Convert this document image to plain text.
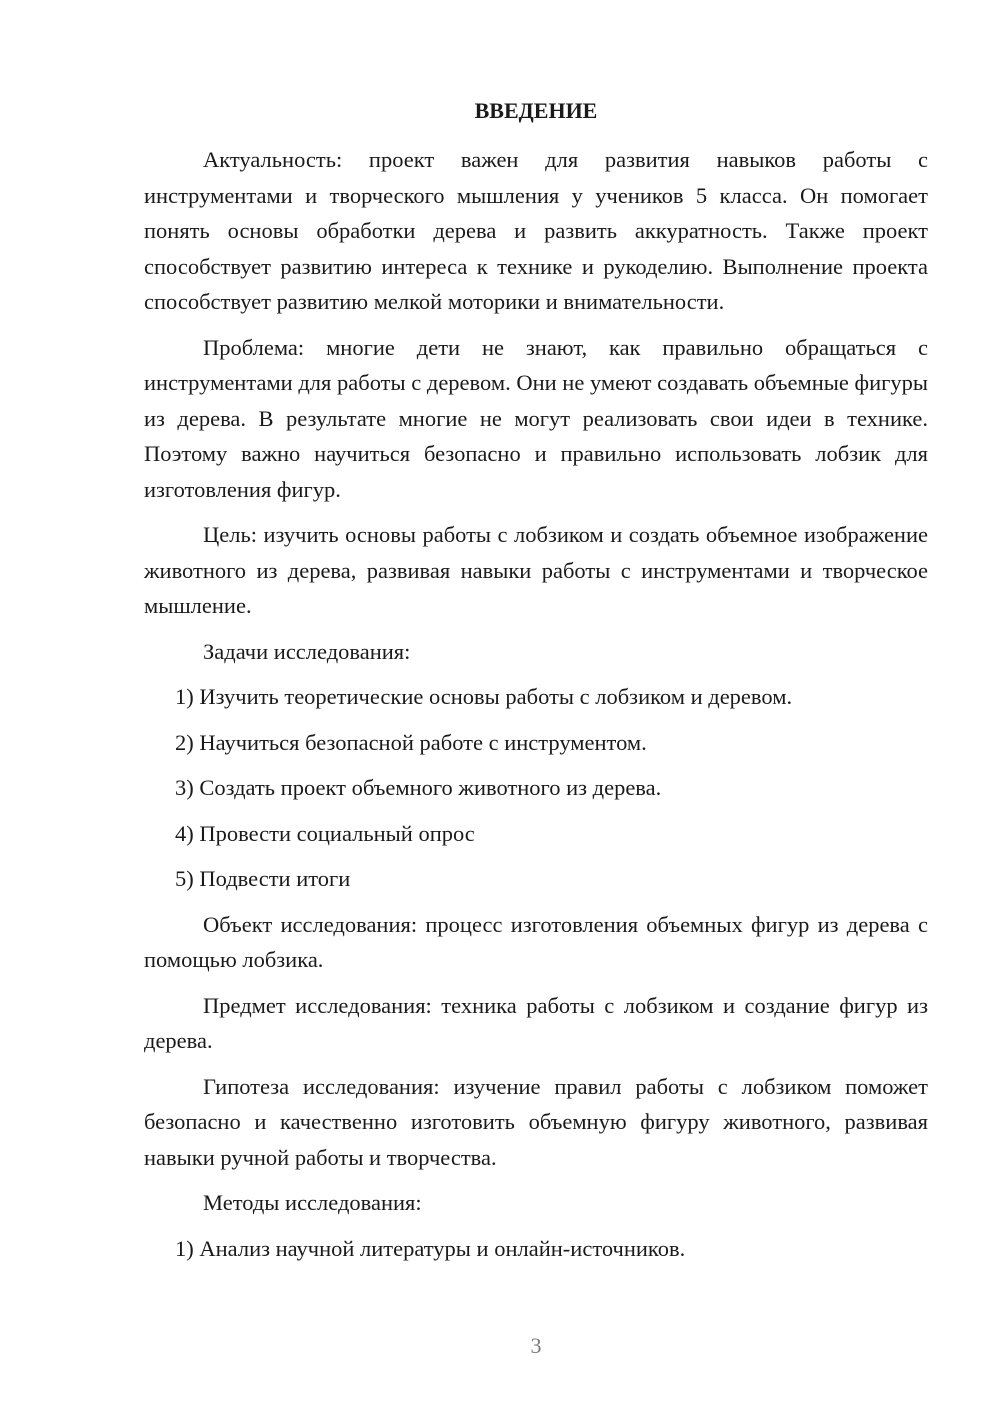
ВВЕДЕНИЕ

Актуальность: проект важен для развития навыков работы с инструментами и творческого мышления у учеников 5 класса. Он помогает понять основы обработки дерева и развить аккуратность. Также проект способствует развитию интереса к технике и рукоделию. Выполнение проекта способствует развитию мелкой моторики и внимательности.

Проблема: многие дети не знают, как правильно обращаться с инструментами для работы с деревом. Они не умеют создавать объемные фигуры из дерева. В результате многие не могут реализовать свои идеи в технике. Поэтому важно научиться безопасно и правильно использовать лобзик для изготовления фигур.

Цель: изучить основы работы с лобзиком и создать объемное изображение животного из дерева, развивая навыки работы с инструментами и творческое мышление.

Задачи исследования:

1) Изучить теоретические основы работы с лобзиком и деревом.

2) Научиться безопасной работе с инструментом.

3) Создать проект объемного животного из дерева.

4) Провести социальный опрос

5) Подвести итоги

Объект исследования: процесс изготовления объемных фигур из дерева с помощью лобзика.

Предмет исследования: техника работы с лобзиком и создание фигур из дерева.

Гипотеза исследования: изучение правил работы с лобзиком поможет безопасно и качественно изготовить объемную фигуру животного, развивая навыки ручной работы и творчества.

Методы исследования:

1) Анализ научной литературы и онлайн-источников.

3
